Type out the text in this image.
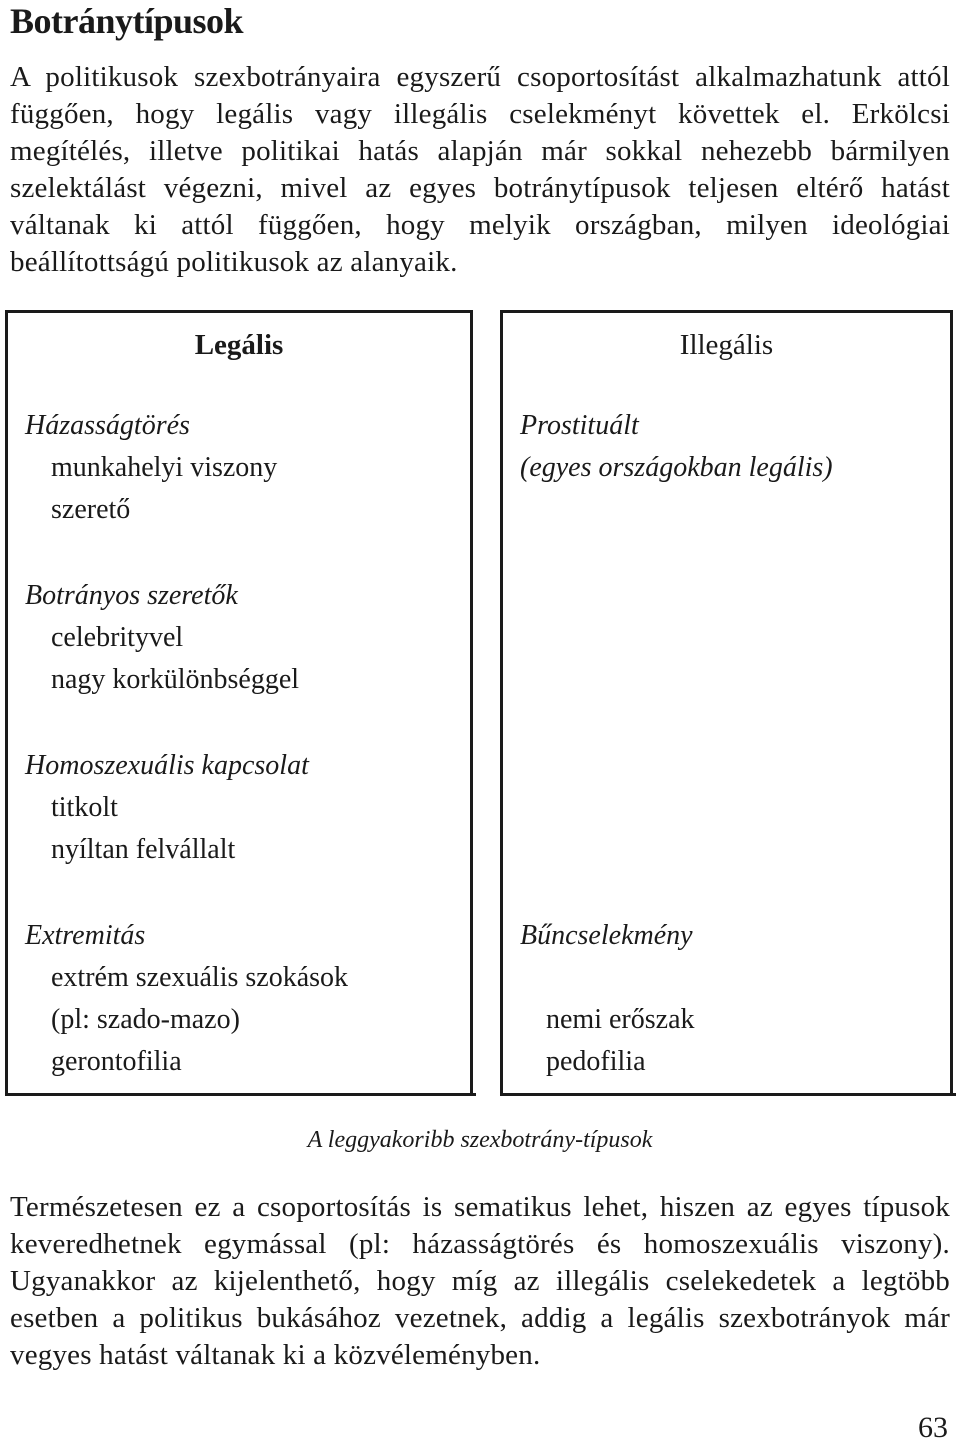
Botránytípusok

A politikusok szexbotrányaira egyszerű csoportosítást alkalmazhatunk attól függően, hogy legális vagy illegális cselekményt követtek el. Erkölcsi megítélés, illetve politikai hatás alapján már sokkal nehezebb bármilyen szelektálást végezni, mivel az egyes botránytípusok teljesen eltérő hatást váltanak ki attól függően, hogy melyik országban, milyen ideológiai beállítottságú politikusok az alanyaik.

Legális
Házasságtörés
munkahelyi viszony
szerető
Botrányos szeretők
celebrityvel
nagy korkülönbséggel
Homoszexuális kapcsolat
titkolt
nyíltan felvállalt
Extremitás
extrém szexuális szokások
(pl: szado-mazo)
gerontofilia
Illegális
Prostituált
(egyes országokban legális)
Bűncselekmény
nemi erőszak
pedofilia
A leggyakoribb szexbotrány-típusok

Természetesen ez a csoportosítás is sematikus lehet, hiszen az egyes típusok keveredhetnek egymással (pl: házasságtörés és homoszexuális viszony). Ugyanakkor az kijelenthető, hogy míg az illegális cselekedetek a legtöbb esetben a politikus bukásához vezetnek, addig a legális szexbotrányok már vegyes hatást váltanak ki a közvéleményben.

63
